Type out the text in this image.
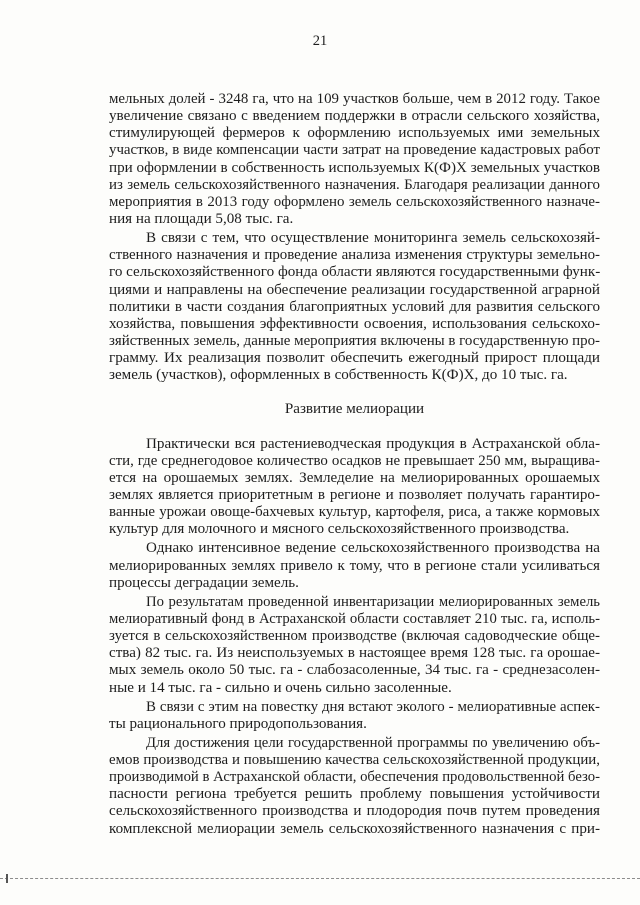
21
мельных долей - 3248 га, что на 109 участков больше, чем в 2012 году. Такое
увеличение связано с введением поддержки в отрасли сельского хозяйства,
стимулирующей фермеров к оформлению используемых ими земельных
участков, в виде компенсации части затрат на проведение кадастровых работ
при оформлении в собственность используемых К(Ф)Х земельных участков
из земель сельскохозяйственного назначения. Благодаря реализации данного
мероприятия в 2013 году оформлено земель сельскохозяйственного назначе-
ния на площади 5,08 тыс. га.
В связи с тем, что осуществление мониторинга земель сельскохозяй-
ственного назначения и проведение анализа изменения структуры земельно-
го сельскохозяйственного фонда области являются государственными функ-
циями и направлены на обеспечение реализации государственной аграрной
политики в части создания благоприятных условий для развития сельского
хозяйства, повышения эффективности освоения, использования сельскохо-
зяйственных земель, данные мероприятия включены в государственную про-
грамму. Их реализация позволит обеспечить ежегодный прирост площади
земель (участков), оформленных в собственность К(Ф)Х, до 10 тыс. га.
Развитие мелиорации
Практически вся растениеводческая продукция в Астраханской обла-
сти, где среднегодовое количество осадков не превышает 250 мм, выращива-
ется на орошаемых землях. Земледелие на мелиорированных орошаемых
землях является приоритетным в регионе и позволяет получать гарантиро-
ванные урожаи овоще-бахчевых культур, картофеля, риса, а также кормовых
культур для молочного и мясного сельскохозяйственного производства.
Однако интенсивное ведение сельскохозяйственного производства на
мелиорированных землях привело к тому, что в регионе стали усиливаться
процессы деградации земель.
По результатам проведенной инвентаризации мелиорированных земель
мелиоративный фонд в Астраханской области составляет 210 тыс. га, исполь-
зуется в сельскохозяйственном производстве (включая садоводческие обще-
ства) 82 тыс. га. Из неиспользуемых в настоящее время 128 тыс. га орошае-
мых земель около 50 тыс. га - слабозасоленные, 34 тыс. га - среднезасолен-
ные и 14 тыс. га - сильно и очень сильно засоленные.
В связи с этим на повестку дня встают эколого - мелиоративные аспек-
ты рационального природопользования.
Для достижения цели государственной программы по увеличению объ-
емов производства и повышению качества сельскохозяйственной продукции,
производимой в Астраханской области, обеспечения продовольственной безо-
пасности региона требуется решить проблему повышения устойчивости
сельскохозяйственного производства и плодородия почв путем проведения
комплексной мелиорации земель сельскохозяйственного назначения с при-
